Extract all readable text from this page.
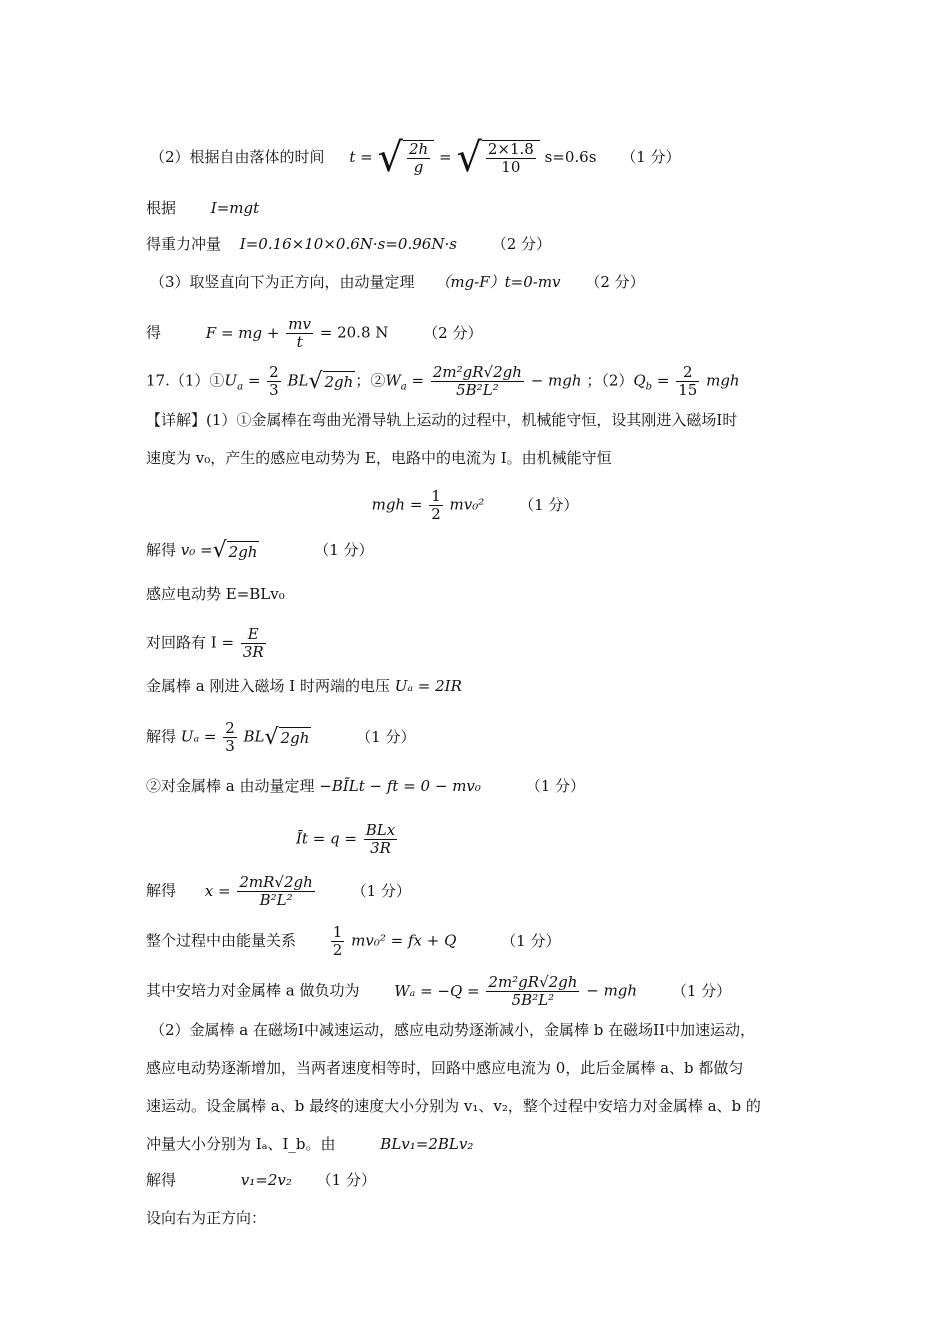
（2）根据自由落体的时间 t = √ $\frac{2h}{g}$ = √ $\frac{2\times 1.8}{10} s=0.6s$ （1 分）
根据 I=mgt
得重力冲量 I=0.16×10×0.6N·s=0.96N·s （2 分）
（3）取竖直向下为正方向，由动量定理 （mg-F）t=0-mv （2 分）
得	F = mg + $\frac{mv}{t} = 20.8$ N （2 分）
$17.(1)①U_a = \frac{2}{3} BL√$ 2gh ；$②W_a = \frac{\text{2m²gR√2gh}}{\text{5B²L²}}$ − mgh ；$(2)Q_b = \frac{2}{15}$ mgh
【详解】(1）①金属棒在弯曲光滑导轨上运动的过程中，机械能守恒，设其刚进入磁场I时
速度为 v₀，产生的感应电动势为 E，电路中的电流为 I。由机械能守恒
mgh = $\frac{1}{2} mv_0^2$ （1 分）
解得 v₀ =√ 2gh	（1 分）
感应电动势 E=BLv₀
对回路有 $I = \frac{E}{3R}$
金属棒 a 刚进入磁场 I 时两端的电压 Uₐ = 2IR
解得 $U_a = \frac{2}{3} BL√$ 2gh	（1 分）
②对金属棒 a 由动量定理 −BĪLt − ft = 0 − mv₀	（1 分）
Īt = $q = \frac{\text{BLx}}{3R}$
解得 $x = \frac{2mR√2gh}{\text{B²L²}} (1$ 分）
整个过程中由能量关系 $\frac{1}{2} mv_0^2$ = fx + Q	（1 分）
其中安培力对金属棒 a 做负功为 $W_a = -Q = \frac{\text{2m²gR√2gh}}{\text{5B²L²}}$ − mgh （1 分）
（2）金属棒 a 在磁场I中减速运动，感应电动势逐渐减小，金属棒 b 在磁场II中加速运动，
感应电动势逐渐增加，当两者速度相等时，回路中感应电流为 0，此后金属棒 a、b 都做匀
速运动。设金属棒 a、b 最终的速度大小分别为 v₁、v₂，整个过程中安培力对金属棒 a、b 的
冲量大小分别为 Iₐ、I_b。由	BLv₁=2BLv₂
解得	v₁=2v₂ （1 分）
设向右为正方向：
